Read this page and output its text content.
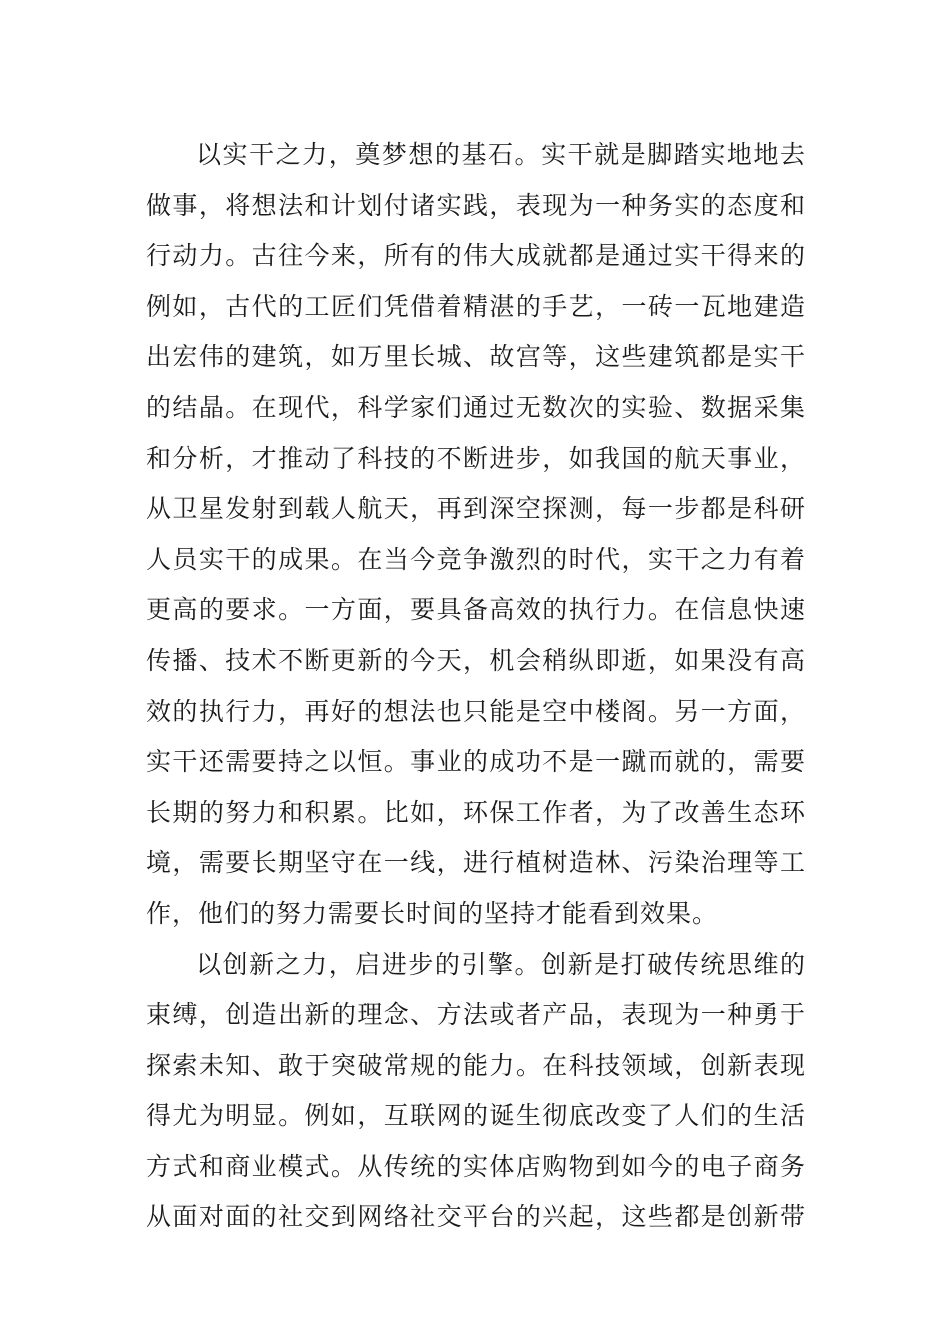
以实干之力，奠梦想的基石。实干就是脚踏实地地去
做事，将想法和计划付诸实践，表现为一种务实的态度和
行动力。古往今来，所有的伟大成就都是通过实干得来的
例如，古代的工匠们凭借着精湛的手艺，一砖一瓦地建造
出宏伟的建筑，如万里长城、故宫等，这些建筑都是实干
的结晶。在现代，科学家们通过无数次的实验、数据采集
和分析，才推动了科技的不断进步，如我国的航天事业，
从卫星发射到载人航天，再到深空探测，每一步都是科研
人员实干的成果。在当今竞争激烈的时代，实干之力有着
更高的要求。一方面，要具备高效的执行力。在信息快速
传播、技术不断更新的今天，机会稍纵即逝，如果没有高
效的执行力，再好的想法也只能是空中楼阁。另一方面，
实干还需要持之以恒。事业的成功不是一蹴而就的，需要
长期的努力和积累。比如，环保工作者，为了改善生态环
境，需要长期坚守在一线，进行植树造林、污染治理等工
作，他们的努力需要长时间的坚持才能看到效果。
以创新之力，启进步的引擎。创新是打破传统思维的
束缚，创造出新的理念、方法或者产品，表现为一种勇于
探索未知、敢于突破常规的能力。在科技领域，创新表现
得尤为明显。例如，互联网的诞生彻底改变了人们的生活
方式和商业模式。从传统的实体店购物到如今的电子商务
从面对面的社交到网络社交平台的兴起，这些都是创新带
